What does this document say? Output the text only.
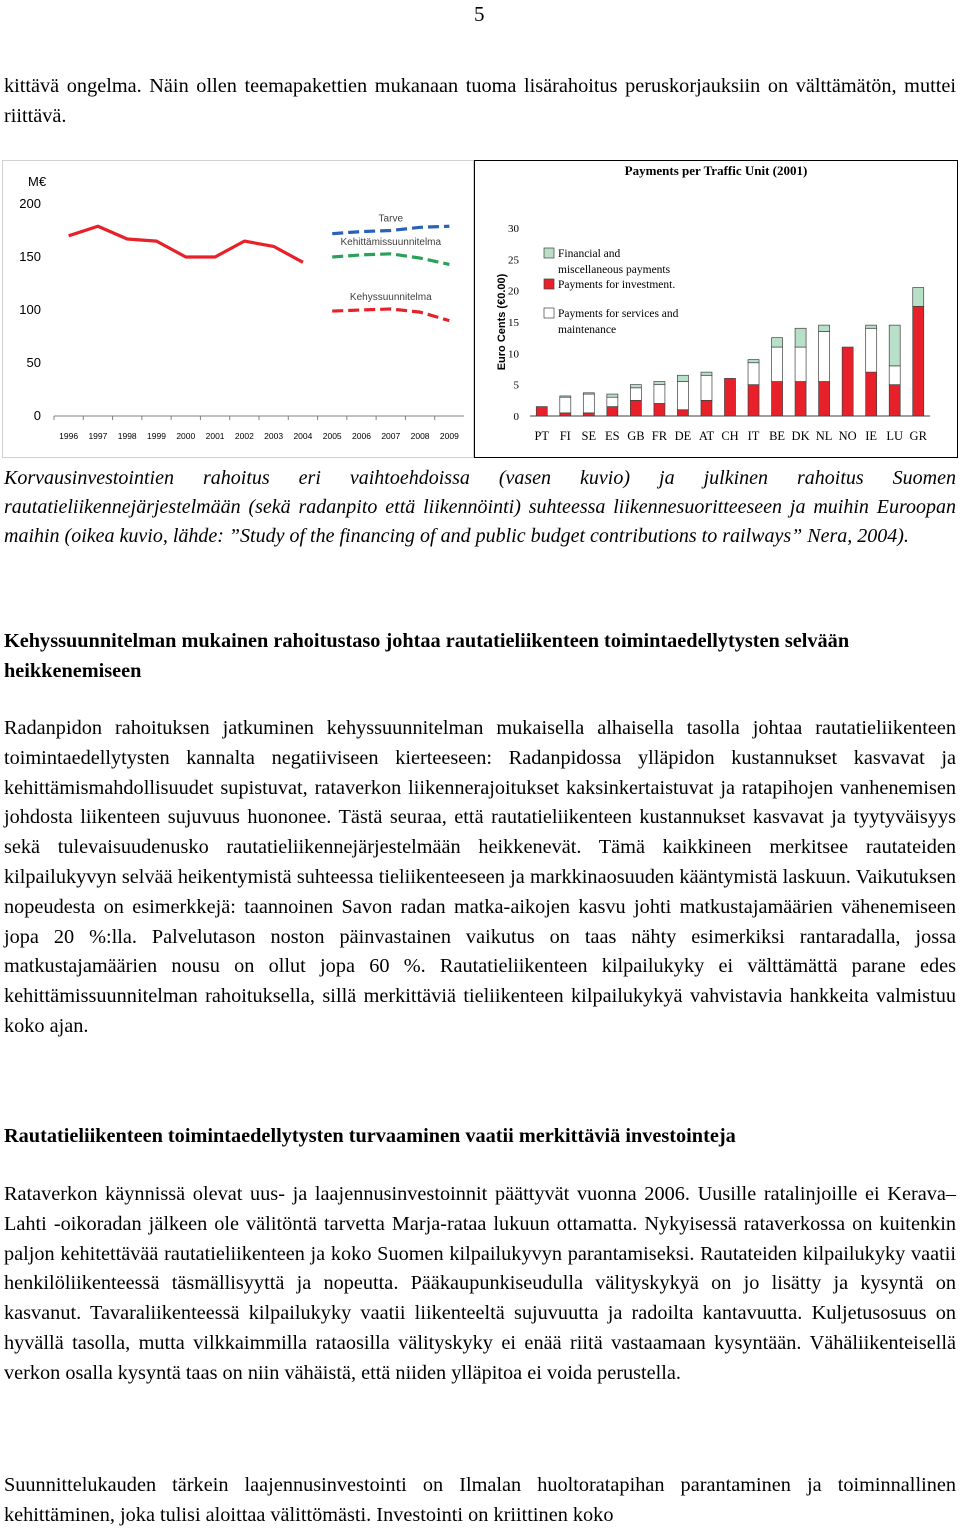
5

kittävä ongelma. Näin ollen teemapakettien mukanaan tuoma lisärahoitus peruskorjauksiin on välttämätön, muttei riittävä.

M€
0
50
100
150
200
1996 1997 1998 1999 2000 2001 2002 2003 2004 2005 2006 2007 2008 2009
Tarve
Kehittämissuunnitelma
Kehyssuunnitelma
Payments per Traffic Unit (2001)
Euro Cents (€0.00)
0
5
10
15
20
25
30
PT FI SE ES GB FR DE AT CH IT BE DK NL NO IE LU GR
Financial and
miscellaneous payments
Payments for investment.
Payments for services and
maintenance

Korvausinvestointien rahoitus eri vaihtoehdoissa (vasen kuvio) ja julkinen rahoitus Suomen rautatieliikennejärjestelmään (sekä radanpito että liikennöinti) suhteessa liikennesuoritteeseen ja muihin Euroopan maihin (oikea kuvio, lähde: ”Study of the financing of and public budget contributions to railways” Nera, 2004).

Kehyssuunnitelman mukainen rahoitustaso johtaa rautatieliikenteen toimintaedellytysten selvään heikkenemiseen

Radanpidon rahoituksen jatkuminen kehyssuunnitelman mukaisella alhaisella tasolla johtaa rautatieliikenteen toimintaedellytysten kannalta negatiiviseen kierteeseen: Radanpidossa ylläpidon kustannukset kasvavat ja kehittämismahdollisuudet supistuvat, rataverkon liikennerajoitukset kaksinkertaistuvat ja ratapihojen vanhenemisen johdosta liikenteen sujuvuus huononee. Tästä seuraa, että rautatieliikenteen kustannukset kasvavat ja tyytyväisyys sekä tulevaisuudenusko rautatieliikennejärjestelmään heikkenevät. Tämä kaikkineen merkitsee rautateiden kilpailukyvyn selvää heikentymistä suhteessa tieliikenteeseen ja markkinaosuuden kääntymistä laskuun. Vaikutuksen nopeudesta on esimerkkejä: taannoinen Savon radan matka-aikojen kasvu johti matkustajamäärien vähenemiseen jopa 20 %:lla. Palvelutason noston päinvastainen vaikutus on taas nähty esimerkiksi rantaradalla, jossa matkustajamäärien nousu on ollut jopa 60 %. Rautatieliikenteen kilpailukyky ei välttämättä parane edes kehittämissuunnitelman rahoituksella, sillä merkittäviä tieliikenteen kilpailukykyä vahvistavia hankkeita valmistuu koko ajan.

Rautatieliikenteen toimintaedellytysten turvaaminen vaatii merkittäviä investointeja

Rataverkon käynnissä olevat uus- ja laajennusinvestoinnit päättyvät vuonna 2006. Uusille ratalinjoille ei Kerava–Lahti -oikoradan jälkeen ole välitöntä tarvetta Marja-rataa lukuun ottamatta. Nykyisessä rataverkossa on kuitenkin paljon kehitettävää rautatieliikenteen ja koko Suomen kilpailukyvyn parantamiseksi. Rautateiden kilpailukyky vaatii henkilöliikenteessä täsmällisyyttä ja nopeutta. Pääkaupunkiseudulla välityskykyä on jo lisätty ja kysyntä on kasvanut. Tavaraliikenteessä kilpailukyky vaatii liikenteeltä sujuvuutta ja radoilta kantavuutta. Kuljetusosuus on hyvällä tasolla, mutta vilkkaimmilla rataosilla välityskyky ei enää riitä vastaamaan kysyntään. Vähäliikenteisellä verkon osalla kysyntä taas on niin vähäistä, että niiden ylläpitoa ei voida perustella.

Suunnittelukauden tärkein laajennusinvestointi on Ilmalan huoltoratapihan parantaminen ja toiminnallinen kehittäminen, joka tulisi aloittaa välittömästi. Investointi on kriittinen koko
